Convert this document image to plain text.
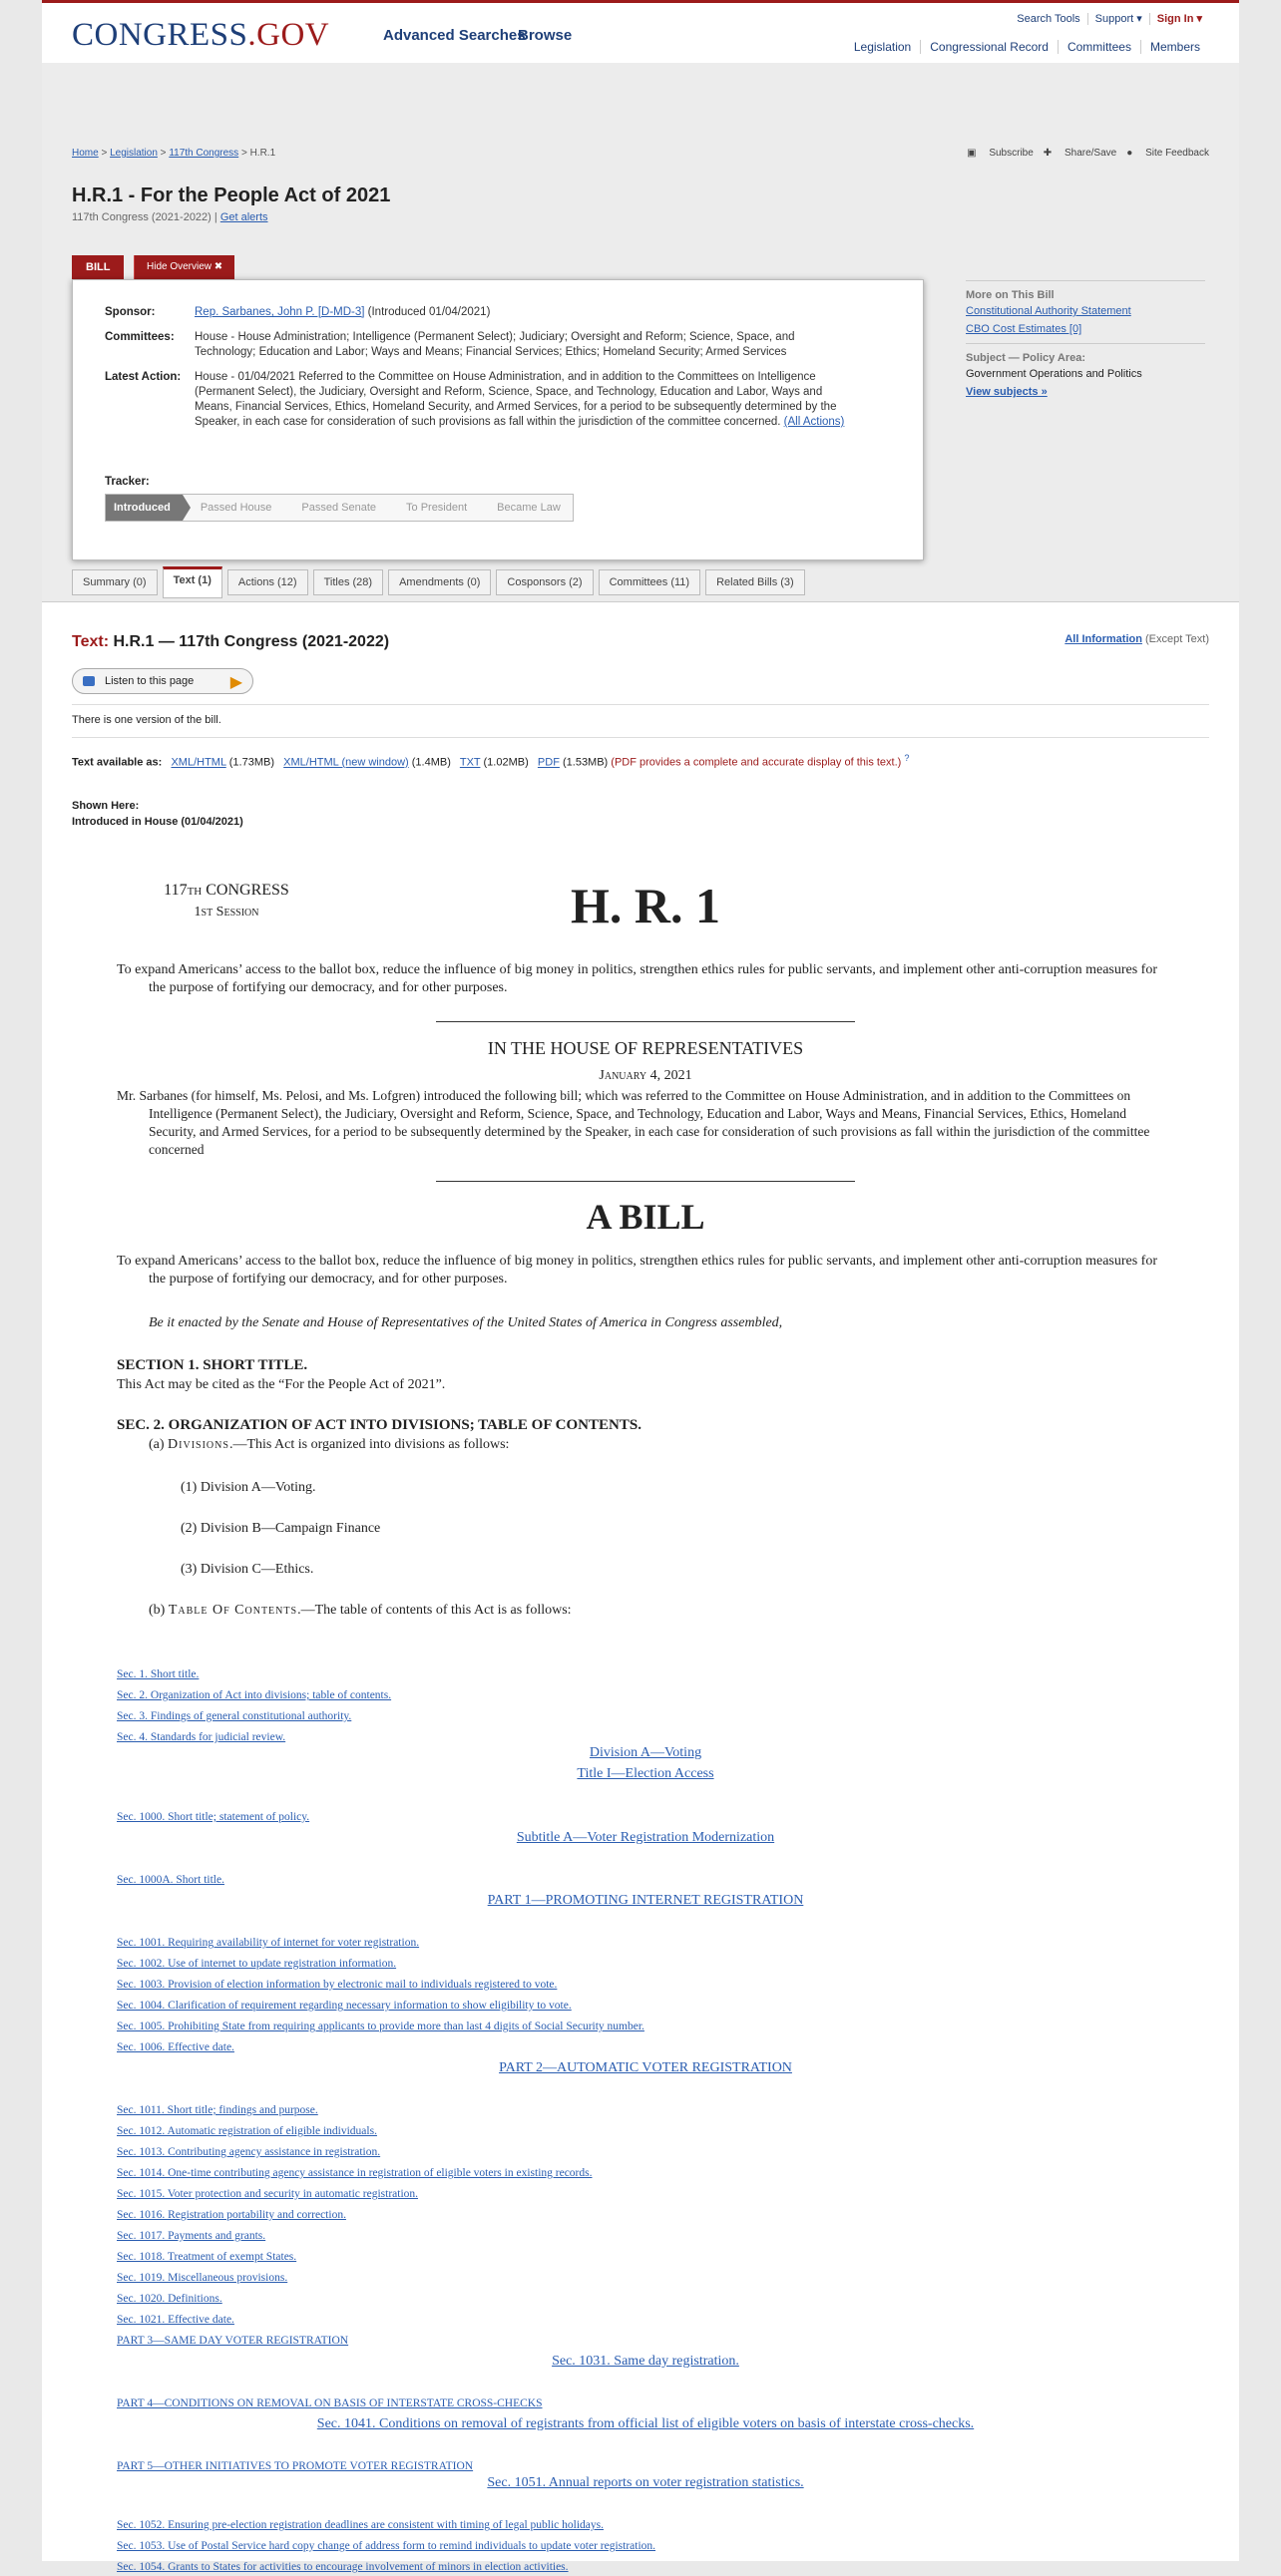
CONGRESS.GOV	Advanced Searches
Browse
Search Tools Support ▾ Sign In ▾
Legislation Congressional Record Committees Members
Home > Legislation > 117th Congress > H.R.1	▣ Subscribe ✚ Share/Save ● Site Feedback
H.R.1 - For the People Act of 2021
117th Congress (2021-2022) | Get alerts
BILL	Hide Overview ✖
Sponsor:	Rep. Sarbanes, John P. [D-MD-3] (Introduced 01/04/2021)
Committees:	House - House Administration; Intelligence (Permanent Select); Judiciary; Oversight and Reform; Science, Space, and Technology; Education and Labor; Ways and Means; Financial Services; Ethics; Homeland Security; Armed Services
Latest Action:	House - 01/04/2021 Referred to the Committee on House Administration, and in addition to the Committees on Intelligence (Permanent Select), the Judiciary, Oversight and Reform, Science, Space, and Technology, Education and Labor, Ways and Means, Financial Services, Ethics, Homeland Security, and Armed Services, for a period to be subsequently determined by the Speaker, in each case for consideration of such provisions as fall within the jurisdiction of the committee concerned. (All Actions)
Tracker:
Introduced	Passed House	Passed Senate	To President	Became Law
More on This Bill
Constitutional Authority Statement
CBO Cost Estimates [0]
Subject — Policy Area:
Government Operations and Politics
View subjects »
Summary (0)	Text (1)	Actions (12)	Titles (28)	Amendments (0)	Cosponsors (2)	Committees (11)	Related Bills (3)
Text: H.R.1 — 117th Congress (2021-2022)	All Information (Except Text)
Listen to this page ▶
There is one version of the bill.
Text available as: XML/HTML (1.73MB) XML/HTML (new window) (1.4MB) TXT (1.02MB) PDF (1.53MB) (PDF provides a complete and accurate display of this text.) ?
Shown Here:
Introduced in House (01/04/2021)
117th CONGRESS
1st Session	H. R. 1
To expand Americans’ access to the ballot box, reduce the influence of big money in politics, strengthen ethics rules for public servants, and implement other anti-corruption measures for the purpose of fortifying our democracy, and for other purposes.
IN THE HOUSE OF REPRESENTATIVES
January 4, 2021
Mr. Sarbanes (for himself, Ms. Pelosi, and Ms. Lofgren) introduced the following bill; which was referred to the Committee on House Administration, and in addition to the Committees on Intelligence (Permanent Select), the Judiciary, Oversight and Reform, Science, Space, and Technology, Education and Labor, Ways and Means, Financial Services, Ethics, Homeland Security, and Armed Services, for a period to be subsequently determined by the Speaker, in each case for consideration of such provisions as fall within the jurisdiction of the committee concerned
A BILL
To expand Americans’ access to the ballot box, reduce the influence of big money in politics, strengthen ethics rules for public servants, and implement other anti-corruption measures for the purpose of fortifying our democracy, and for other purposes.
Be it enacted by the Senate and House of Representatives of the United States of America in Congress assembled,
SECTION 1. SHORT TITLE.
This Act may be cited as the “For the People Act of 2021”.
SEC. 2. ORGANIZATION OF ACT INTO DIVISIONS; TABLE OF CONTENTS.
(a) Divisions.—This Act is organized into divisions as follows:
(1) Division A—Voting.
(2) Division B—Campaign Finance
(3) Division C—Ethics.
(b) Table Of Contents.—The table of contents of this Act is as follows:
Sec. 1. Short title.
Sec. 2. Organization of Act into divisions; table of contents.
Sec. 3. Findings of general constitutional authority.
Sec. 4. Standards for judicial review.
Division A—Voting
Title I—Election Access
Sec. 1000. Short title; statement of policy.
Subtitle A—Voter Registration Modernization
Sec. 1000A. Short title.
PART 1—PROMOTING INTERNET REGISTRATION
Sec. 1001. Requiring availability of internet for voter registration.
Sec. 1002. Use of internet to update registration information.
Sec. 1003. Provision of election information by electronic mail to individuals registered to vote.
Sec. 1004. Clarification of requirement regarding necessary information to show eligibility to vote.
Sec. 1005. Prohibiting State from requiring applicants to provide more than last 4 digits of Social Security number.
Sec. 1006. Effective date.
PART 2—AUTOMATIC VOTER REGISTRATION
Sec. 1011. Short title; findings and purpose.
Sec. 1012. Automatic registration of eligible individuals.
Sec. 1013. Contributing agency assistance in registration.
Sec. 1014. One-time contributing agency assistance in registration of eligible voters in existing records.
Sec. 1015. Voter protection and security in automatic registration.
Sec. 1016. Registration portability and correction.
Sec. 1017. Payments and grants.
Sec. 1018. Treatment of exempt States.
Sec. 1019. Miscellaneous provisions.
Sec. 1020. Definitions.
Sec. 1021. Effective date.
PART 3—SAME DAY VOTER REGISTRATION
Sec. 1031. Same day registration.
PART 4—CONDITIONS ON REMOVAL ON BASIS OF INTERSTATE CROSS-CHECKS
Sec. 1041. Conditions on removal of registrants from official list of eligible voters on basis of interstate cross-checks.
PART 5—OTHER INITIATIVES TO PROMOTE VOTER REGISTRATION
Sec. 1051. Annual reports on voter registration statistics.
Sec. 1052. Ensuring pre-election registration deadlines are consistent with timing of legal public holidays.
Sec. 1053. Use of Postal Service hard copy change of address form to remind individuals to update voter registration.
Sec. 1054. Grants to States for activities to encourage involvement of minors in election activities.
